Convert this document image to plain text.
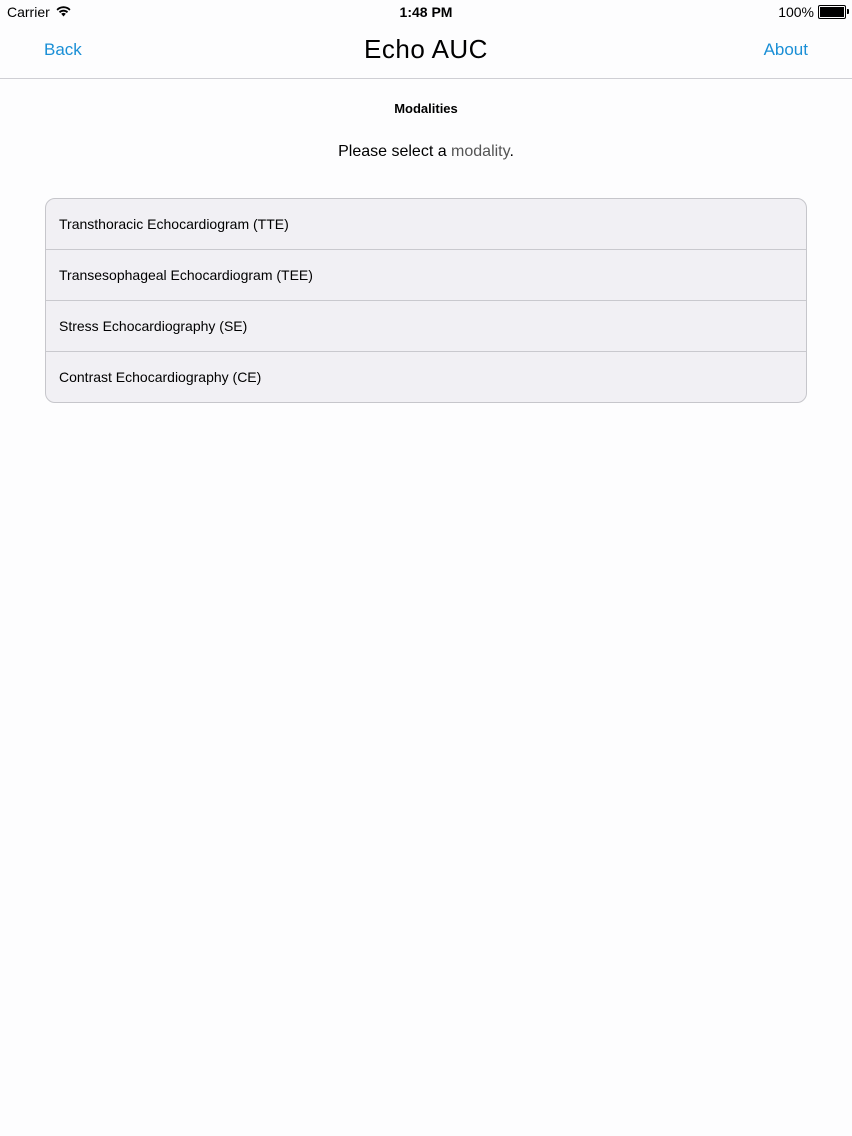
Carrier	1:48 PM	100%
Back	Echo AUC	About
Modalities
Please select a modality.
Transthoracic Echocardiogram (TTE)
Transesophageal Echocardiogram (TEE)
Stress Echocardiography (SE)
Contrast Echocardiography (CE)
